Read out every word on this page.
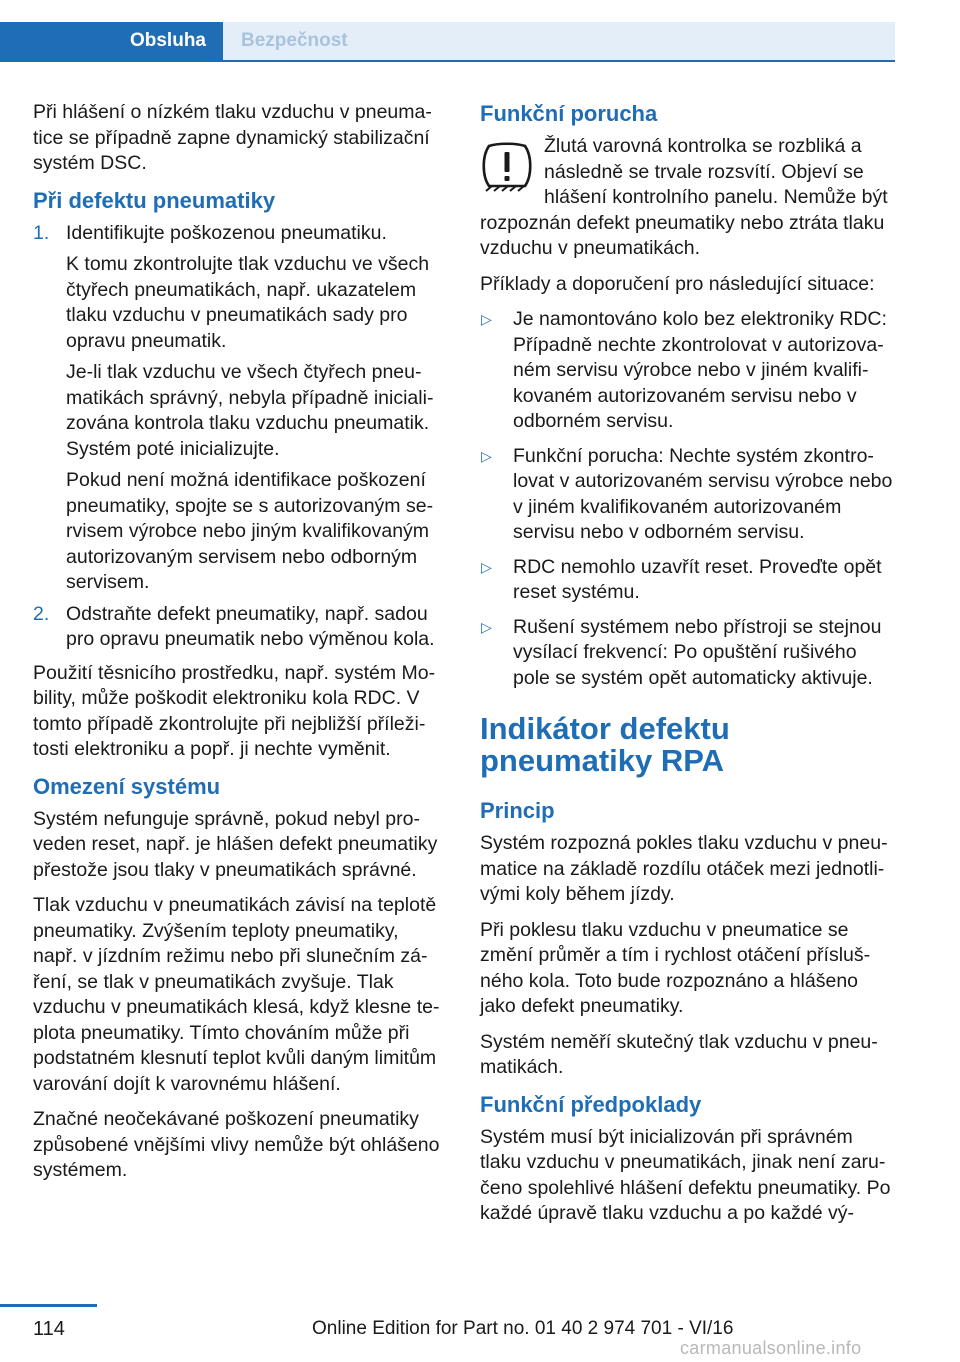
Obsluha	Bezpečnost

Při hlášení o nízkém tlaku vzduchu v pneumatice se případně zapne dynamický stabilizační systém DSC.

Při defektu pneumatiky
1. Identifikujte poškozenou pneumatiku.

K tomu zkontrolujte tlak vzduchu ve všech čtyřech pneumatikách, např. ukazatelem tlaku vzduchu v pneumatikách sady pro opravu pneumatik.

Je-li tlak vzduchu ve všech čtyřech pneumatikách správný, nebyla případně inicializována kontrola tlaku vzduchu pneumatik. Systém poté inicializujte.

Pokud není možná identifikace poškození pneumatiky, spojte se s autorizovaným servisem výrobce nebo jiným kvalifikovaným autorizovaným servisem nebo odborným servisem.

2. Odstraňte defekt pneumatiky, např. sadou pro opravu pneumatik nebo výměnou kola.

Použití těsnicího prostředku, např. systém Mobility, může poškodit elektroniku kola RDC. V tomto případě zkontrolujte při nejbližší příležitosti elektroniku a popř. ji nechte vyměnit.

Omezení systému

Systém nefunguje správně, pokud nebyl proveden reset, např. je hlášen defekt pneumatiky přestože jsou tlaky v pneumatikách správné.

Tlak vzduchu v pneumatikách závisí na teplotě pneumatiky. Zvýšením teploty pneumatiky, např. v jízdním režimu nebo při slunečním záření, se tlak v pneumatikách zvyšuje. Tlak vzduchu v pneumatikách klesá, když klesne teplota pneumatiky. Tímto chováním může při podstatném klesnutí teplot kvůli daným limitům varování dojít k varovnému hlášení.

Značné neočekávané poškození pneumatiky způsobené vnějšími vlivy nemůže být ohlášeno systémem.

Funkční porucha

Žlutá varovná kontrolka se rozbliká a následně se trvale rozsvítí. Objeví se hlášení kontrolního panelu. Nemůže být rozpoznán defekt pneumatiky nebo ztráta tlaku vzduchu v pneumatikách.

Příklady a doporučení pro následující situace:

▷ Je namontováno kolo bez elektroniky RDC: Případně nechte zkontrolovat v autorizovaném servisu výrobce nebo v jiném kvalifikovaném autorizovaném servisu nebo v odborném servisu.
▷ Funkční porucha: Nechte systém zkontrolovat v autorizovaném servisu výrobce nebo v jiném kvalifikovaném autorizovaném servisu nebo v odborném servisu.
▷ RDC nemohlo uzavřít reset. Proveďte opět reset systému.
▷ Rušení systémem nebo přístroji se stejnou vysílací frekvencí: Po opuštění rušivého pole se systém opět automaticky aktivuje.
Indikátor defektu pneumatiky RPA
Princip

Systém rozpozná pokles tlaku vzduchu v pneumatice na základě rozdílu otáček mezi jednotlivými koly během jízdy.

Při poklesu tlaku vzduchu v pneumatice se změní průměr a tím i rychlost otáčení příslušného kola. Toto bude rozpoznáno a hlášeno jako defekt pneumatiky.

Systém neměří skutečný tlak vzduchu v pneumatikách.

Funkční předpoklady

Systém musí být inicializován při správném tlaku vzduchu v pneumatikách, jinak není zaručeno spolehlivé hlášení defektu pneumatiky. Po každé úpravě tlaku vzduchu a po každé vý-

114	Online Edition for Part no. 01 40 2 974 701 - VI/16
carmanualsonline.info
